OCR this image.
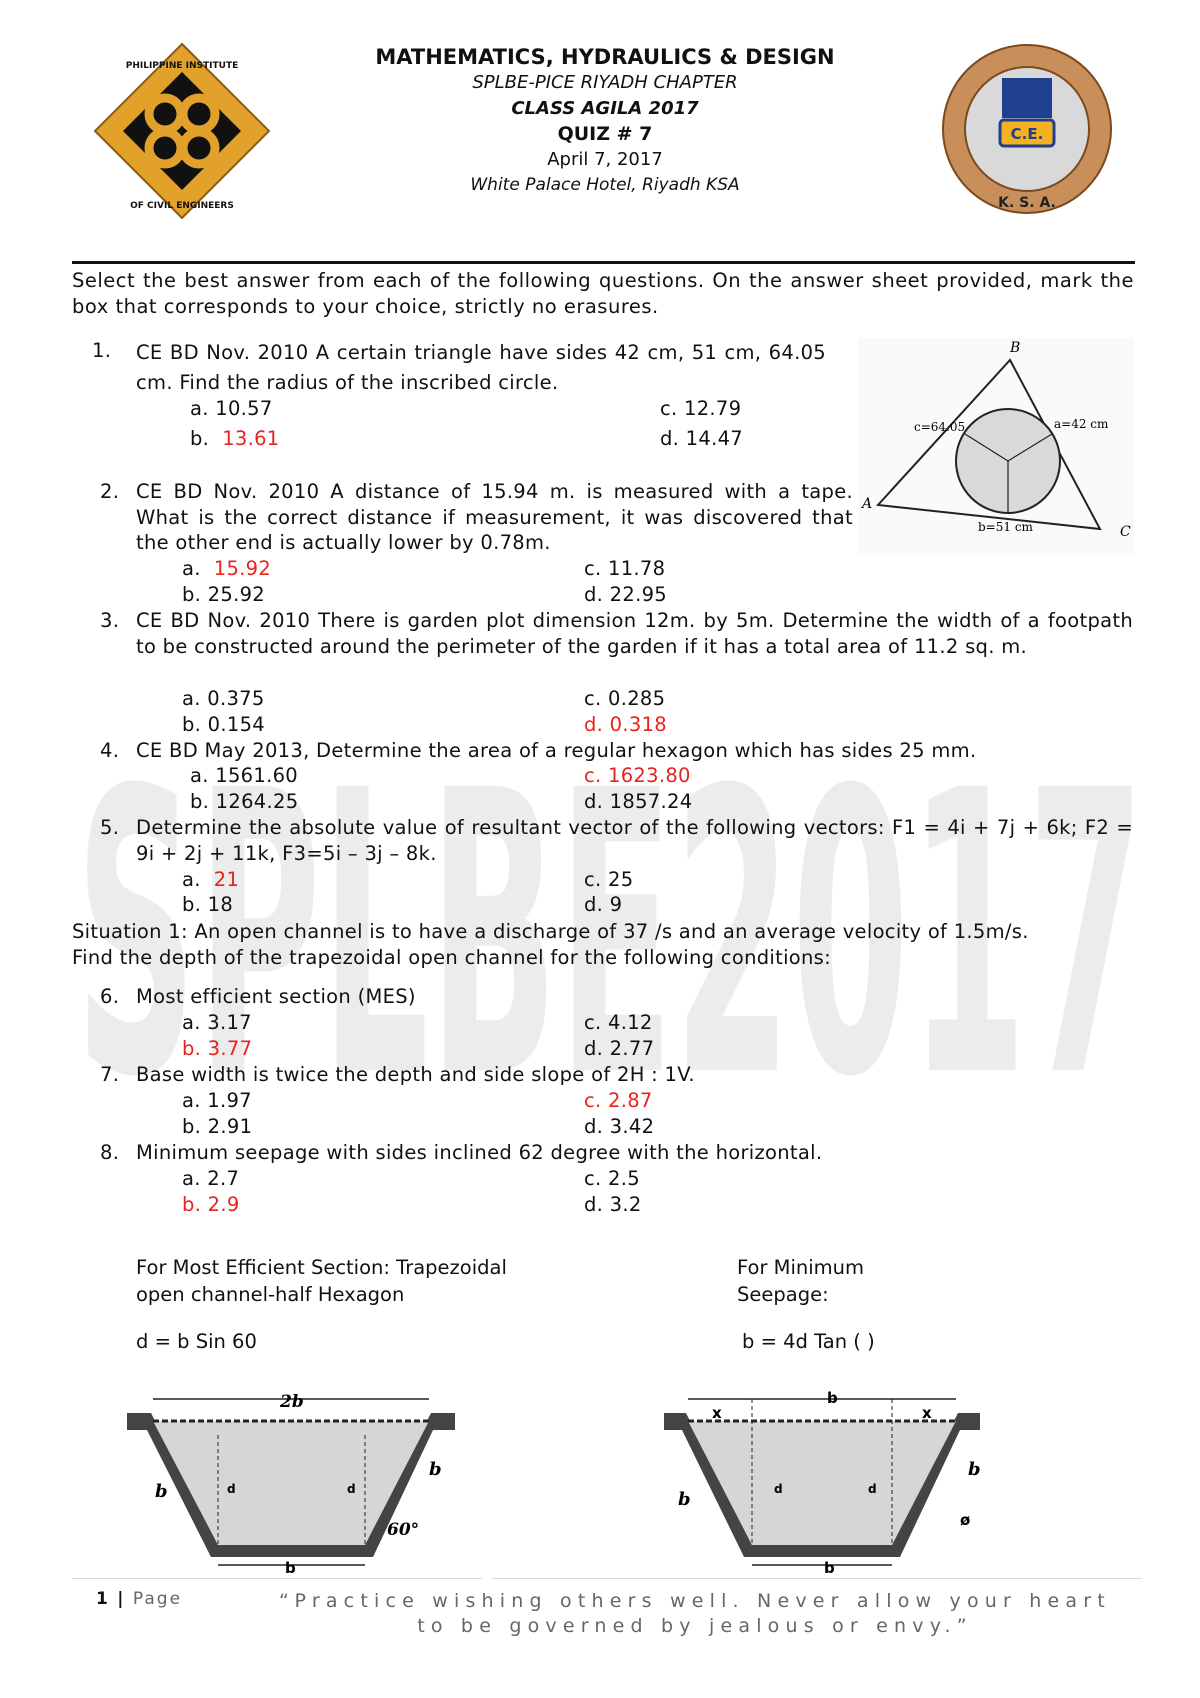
SPLBE2017
PHILIPPINE INSTITUTE
OF CIVIL ENGINEERS
C.E.
K. S. A.
MATHEMATICS, HYDRAULICS & DESIGN
SPLBE-PICE RIYADH CHAPTER
CLASS AGILA 2017
QUIZ # 7
April 7, 2017
White Palace Hotel, Riyadh KSA
Select the best answer from each of the following questions. On the answer sheet provided, mark the box that corresponds to your choice, strictly no erasures.
B
A
C
c=64.05	a=42 cm
b=51 cm
1. CE BD Nov. 2010 A certain triangle have sides 42 cm, 51 cm, 64.05 cm. Find the radius of the inscribed circle.
a. 10.57
b. 13.61
c. 12.79
d. 14.47
2. CE BD Nov. 2010 A distance of 15.94 m. is measured with a tape. What is the correct distance if measurement, it was discovered that the other end is actually lower by 0.78m.
a. 15.92
b. 25.92
c. 11.78
d. 22.95
3. CE BD Nov. 2010 There is garden plot dimension 12m. by 5m. Determine the width of a footpath to be constructed around the perimeter of the garden if it has a total area of 11.2 sq. m.
a. 0.375
b. 0.154
c. 0.285
d. 0.318
4. CE BD May 2013, Determine the area of a regular hexagon which has sides 25 mm.
a. 1561.60
b. 1264.25
c. 1623.80
d. 1857.24
5. Determine the absolute value of resultant vector of the following vectors: F1 = 4i + 7j + 6k; F2 = 9i + 2j + 11k, F3=5i – 3j – 8k.
a. 21
b. 18
c. 25
d. 9
Situation 1: An open channel is to have a discharge of 37 /s and an average velocity of 1.5m/s. Find the depth of the trapezoidal open channel for the following conditions:
6. Most efficient section (MES)
a. 3.17
b. 3.77
c. 4.12
d. 2.77
7. Base width is twice the depth and side slope of 2H : 1V.
a. 1.97
b. 2.91
c. 2.87
d. 3.42
8. Minimum seepage with sides inclined 62 degree with the horizontal.
a. 2.7
b. 2.9
c. 2.5
d. 3.2
For Most Efficient Section: Trapezoidal
open channel-half Hexagon
d = b Sin 60
For Minimum
Seepage:
b = 4d Tan ( )
2b
b
b
b
d	d
60°
b
x	x
b
b
b
d	d
ø
1 | Page	“Practice wishing others well. Never allow your heart
to be governed by jealous or envy.”
